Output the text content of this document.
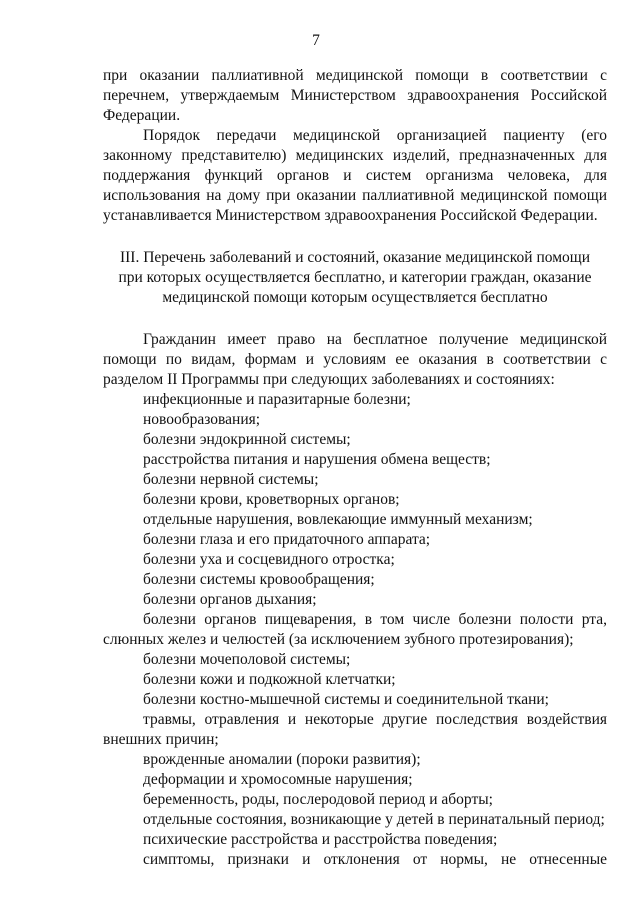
7

при оказании паллиативной медицинской помощи в соответствии с перечнем, утверждаемым Министерством здравоохранения Российской Федерации.

Порядок передачи медицинской организацией пациенту (его законному представителю) медицинских изделий, предназначенных для поддержания функций органов и систем организма человека, для использования на дому при оказании паллиативной медицинской помощи устанавливается Министерством здравоохранения Российской Федерации.

III. Перечень заболеваний и состояний, оказание медицинской помощи при которых осуществляется бесплатно, и категории граждан, оказание медицинской помощи которым осуществляется бесплатно

Гражданин имеет право на бесплатное получение медицинской помощи по видам, формам и условиям ее оказания в соответствии с разделом II Программы при следующих заболеваниях и состояниях:

инфекционные и паразитарные болезни;
новообразования;
болезни эндокринной системы;
расстройства питания и нарушения обмена веществ;
болезни нервной системы;
болезни крови, кроветворных органов;
отдельные нарушения, вовлекающие иммунный механизм;
болезни глаза и его придаточного аппарата;
болезни уха и сосцевидного отростка;
болезни системы кровообращения;
болезни органов дыхания;
болезни органов пищеварения, в том числе болезни полости рта, слюнных желез и челюстей (за исключением зубного протезирования);
болезни мочеполовой системы;
болезни кожи и подкожной клетчатки;
болезни костно-мышечной системы и соединительной ткани;
травмы, отравления и некоторые другие последствия воздействия внешних причин;
врожденные аномалии (пороки развития);
деформации и хромосомные нарушения;
беременность, роды, послеродовой период и аборты;
отдельные состояния, возникающие у детей в перинатальный период;
психические расстройства и расстройства поведения;
симптомы, признаки и отклонения от нормы, не отнесенные
